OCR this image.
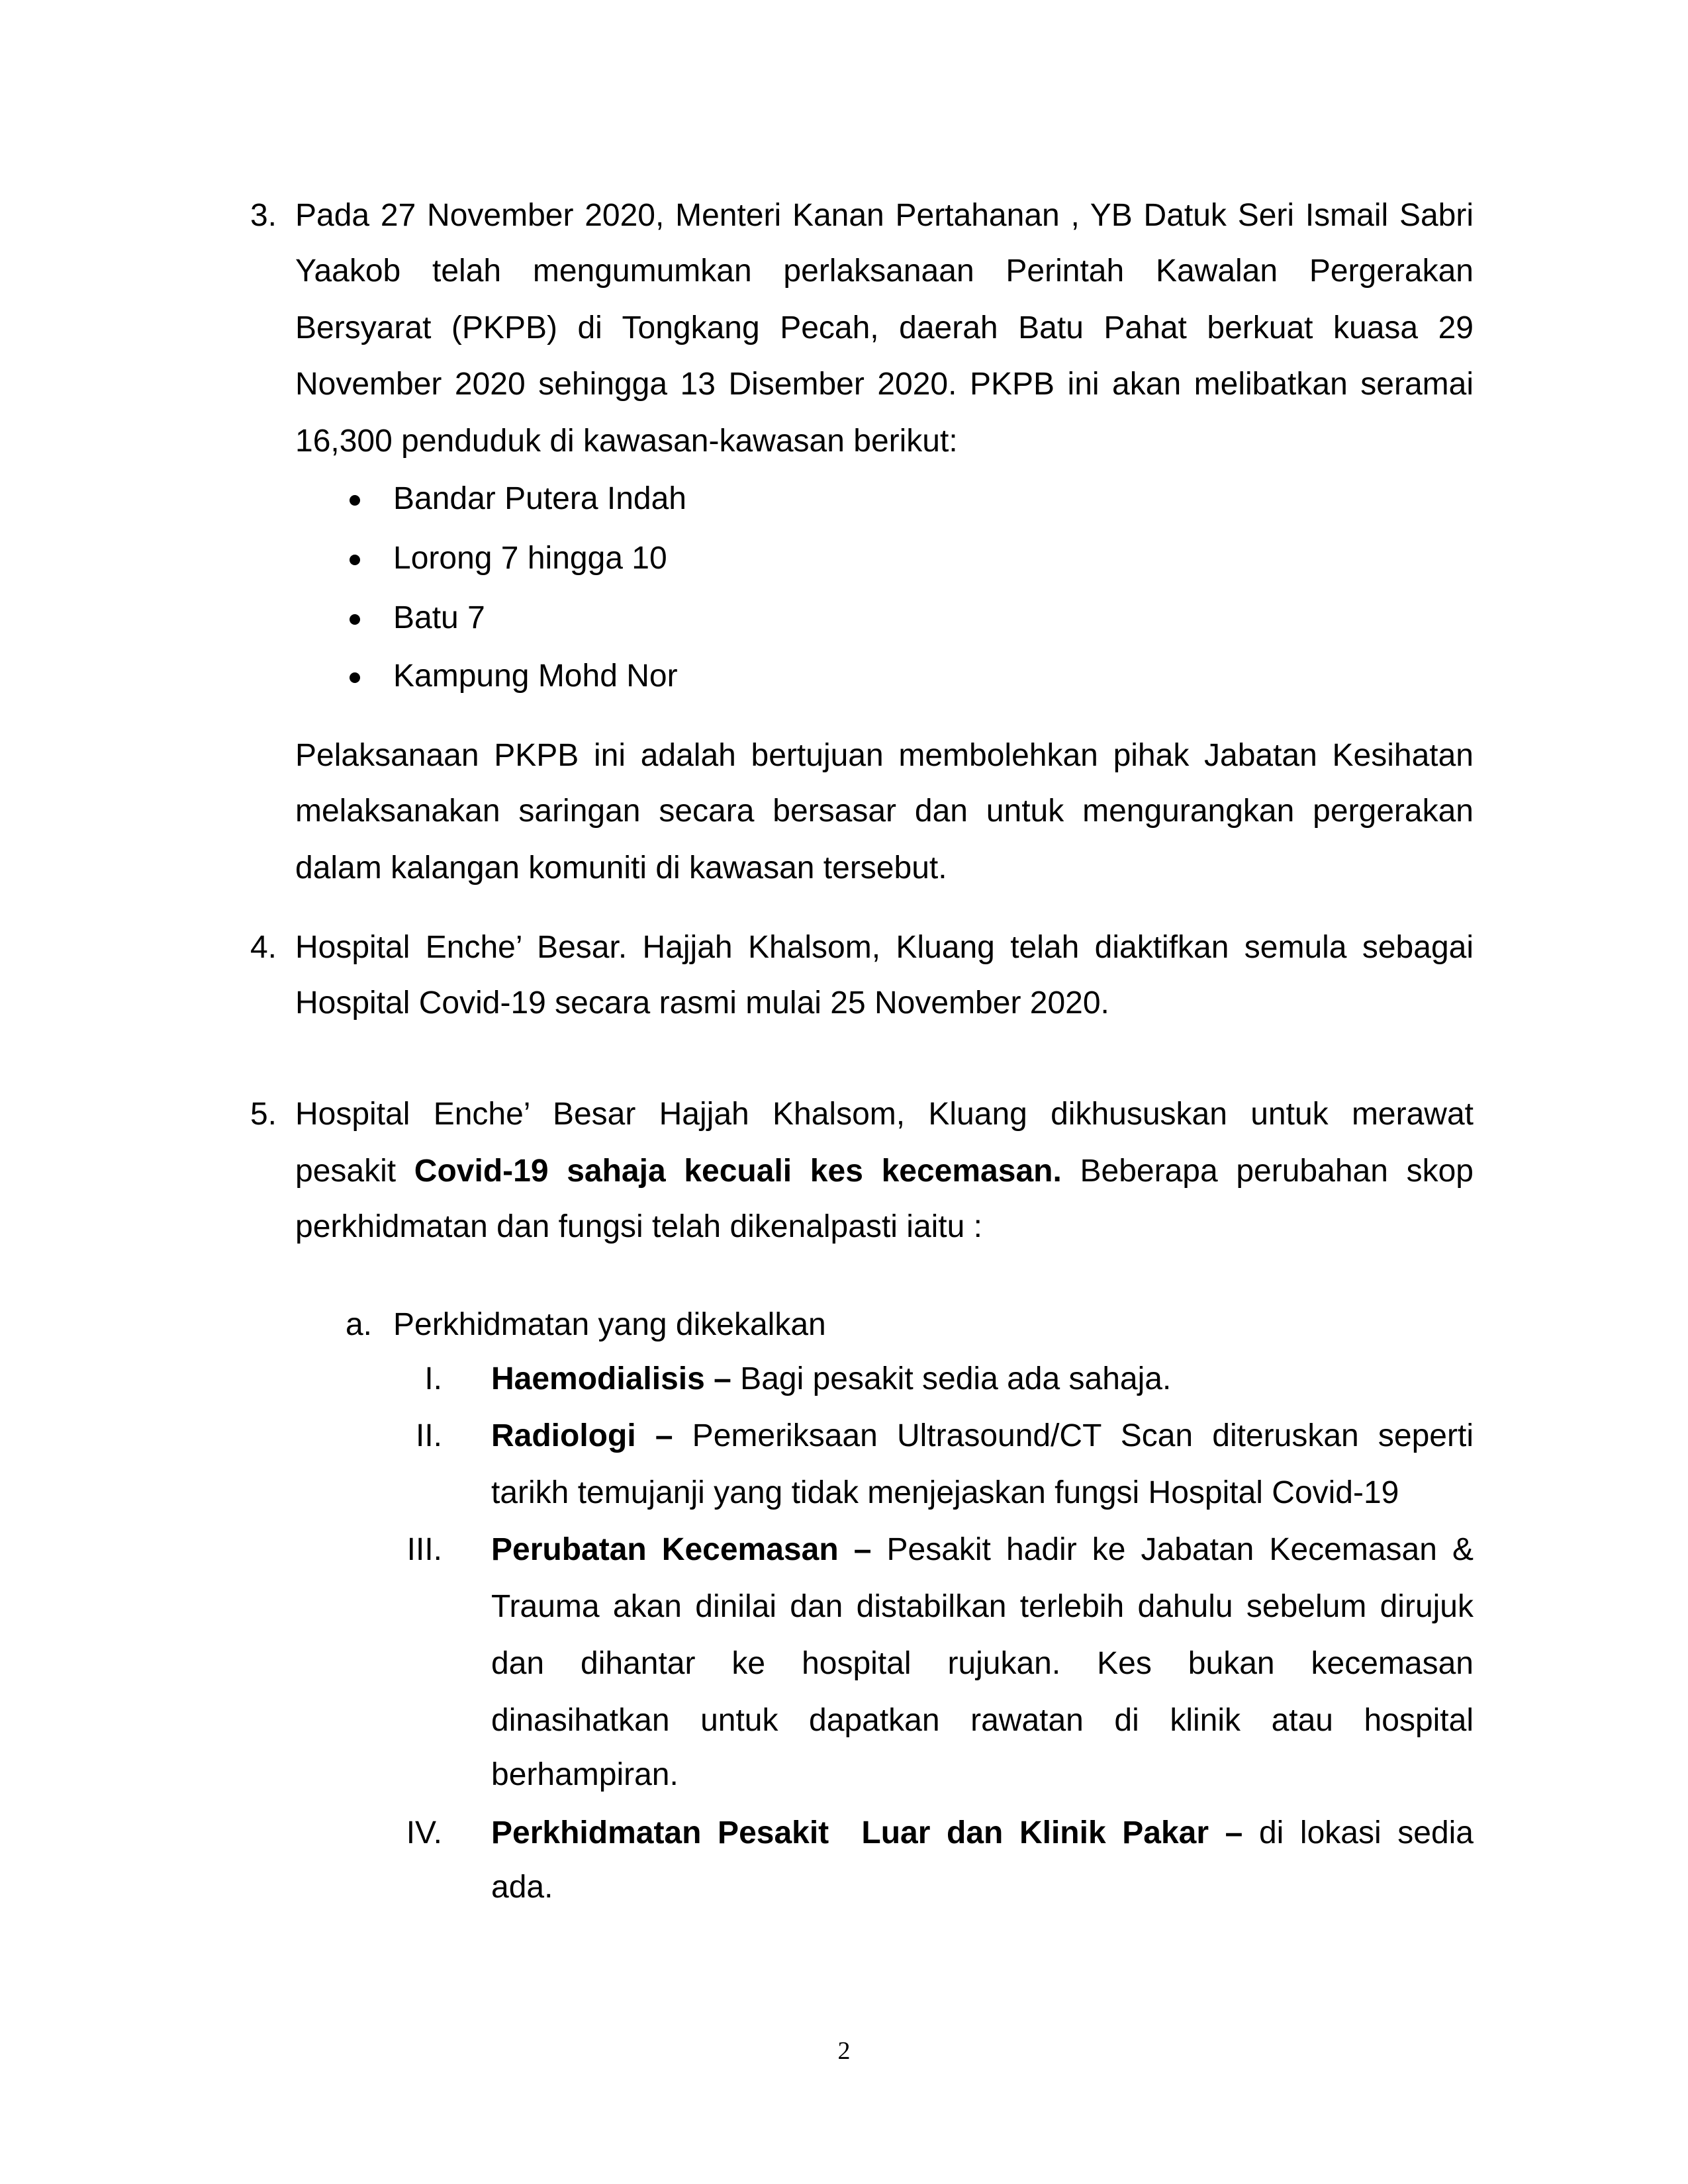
3. Pada 27 November 2020, Menteri Kanan Pertahanan , YB Datuk Seri Ismail Sabri
Yaakob telah mengumumkan perlaksanaan Perintah Kawalan Pergerakan
Bersyarat (PKPB) di Tongkang Pecah, daerah Batu Pahat berkuat kuasa 29
November 2020 sehingga 13 Disember 2020. PKPB ini akan melibatkan seramai
16,300 penduduk di kawasan-kawasan berikut:
Bandar Putera Indah
Lorong 7 hingga 10
Batu 7
Kampung Mohd Nor
Pelaksanaan PKPB ini adalah bertujuan membolehkan pihak Jabatan Kesihatan
melaksanakan saringan secara bersasar dan untuk mengurangkan pergerakan
dalam kalangan komuniti di kawasan tersebut.
4. Hospital Enche’ Besar. Hajjah Khalsom, Kluang telah diaktifkan semula sebagai
Hospital Covid-19 secara rasmi mulai 25 November 2020.
5. Hospital Enche’ Besar Hajjah Khalsom, Kluang dikhususkan untuk merawat
pesakit Covid-19 sahaja kecuali kes kecemasan. Beberapa perubahan skop
perkhidmatan dan fungsi telah dikenalpasti iaitu :
a. Perkhidmatan yang dikekalkan
I. Haemodialisis – Bagi pesakit sedia ada sahaja.
II. Radiologi – Pemeriksaan Ultrasound/CT Scan diteruskan seperti
tarikh temujanji yang tidak menjejaskan fungsi Hospital Covid-19
III. Perubatan Kecemasan – Pesakit hadir ke Jabatan Kecemasan &
Trauma akan dinilai dan distabilkan terlebih dahulu sebelum dirujuk
dan dihantar ke hospital rujukan. Kes bukan kecemasan
dinasihatkan untuk dapatkan rawatan di klinik atau hospital
berhampiran.
IV. Perkhidmatan Pesakit  Luar dan Klinik Pakar – di lokasi sedia
ada.
2
